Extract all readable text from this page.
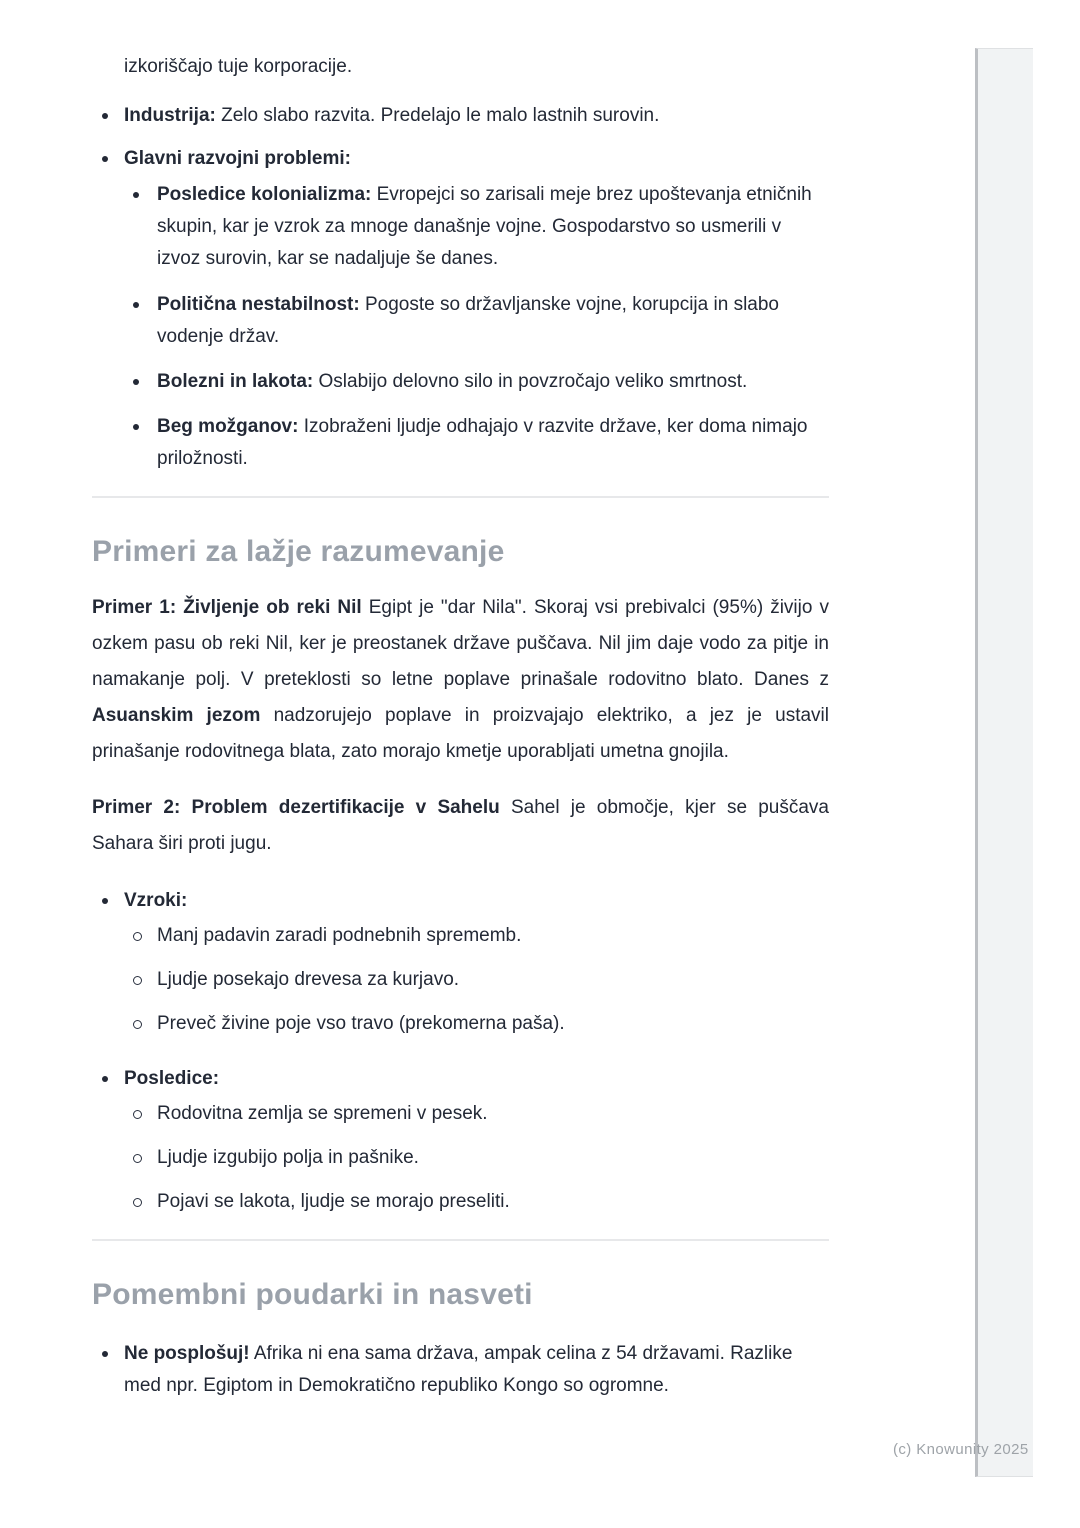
izkoriščajo tuje korporacije.
Industrija: Zelo slabo razvita. Predelajo le malo lastnih surovin.
Glavni razvojni problemi:
Posledice kolonializma: Evropejci so zarisali meje brez upoštevanja etničnih skupin, kar je vzrok za mnoge današnje vojne. Gospodarstvo so usmerili v izvoz surovin, kar se nadaljuje še danes.
Politična nestabilnost: Pogoste so državljanske vojne, korupcija in slabo vodenje držav.
Bolezni in lakota: Oslabijo delovno silo in povzročajo veliko smrtnost.
Beg možganov: Izobraženi ljudje odhajajo v razvite države, ker doma nimajo priložnosti.
Primeri za lažje razumevanje

Primer 1: Življenje ob reki Nil Egipt je "dar Nila". Skoraj vsi prebivalci (95%) živijo v ozkem pasu ob reki Nil, ker je preostanek države puščava. Nil jim daje vodo za pitje in namakanje polj. V preteklosti so letne poplave prinašale rodovitno blato. Danes z Asuanskim jezom nadzorujejo poplave in proizvajajo elektriko, a jez je ustavil prinašanje rodovitnega blata, zato morajo kmetje uporabljati umetna gnojila.

Primer 2: Problem dezertifikacije v Sahelu Sahel je območje, kjer se puščava Sahara širi proti jugu.

Vzroki:
Manj padavin zaradi podnebnih sprememb.
Ljudje posekajo drevesa za kurjavo.
Preveč živine poje vso travo (prekomerna paša).
Posledice:
Rodovitna zemlja se spremeni v pesek.
Ljudje izgubijo polja in pašnike.
Pojavi se lakota, ljudje se morajo preseliti.
Pomembni poudarki in nasveti
Ne posplošuj! Afrika ni ena sama država, ampak celina z 54 državami. Razlike med npr. Egiptom in Demokratično republiko Kongo so ogromne.
(c) Knowunity 2025
